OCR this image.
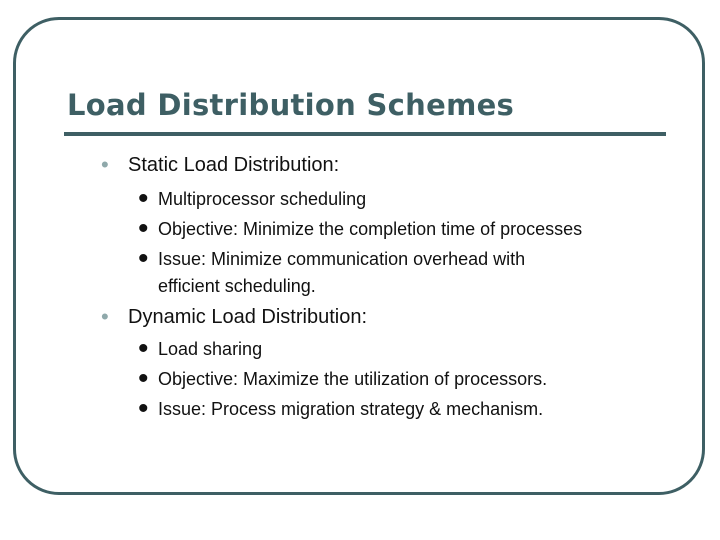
Load Distribution Schemes
• Static Load Distribution:
• Multiprocessor scheduling
• Objective: Minimize the completion time of processes
• Issue: Minimize communication overhead with
efficient scheduling.
• Dynamic Load Distribution:
• Load sharing
• Objective: Maximize the utilization of processors.
• Issue: Process migration strategy & mechanism.
